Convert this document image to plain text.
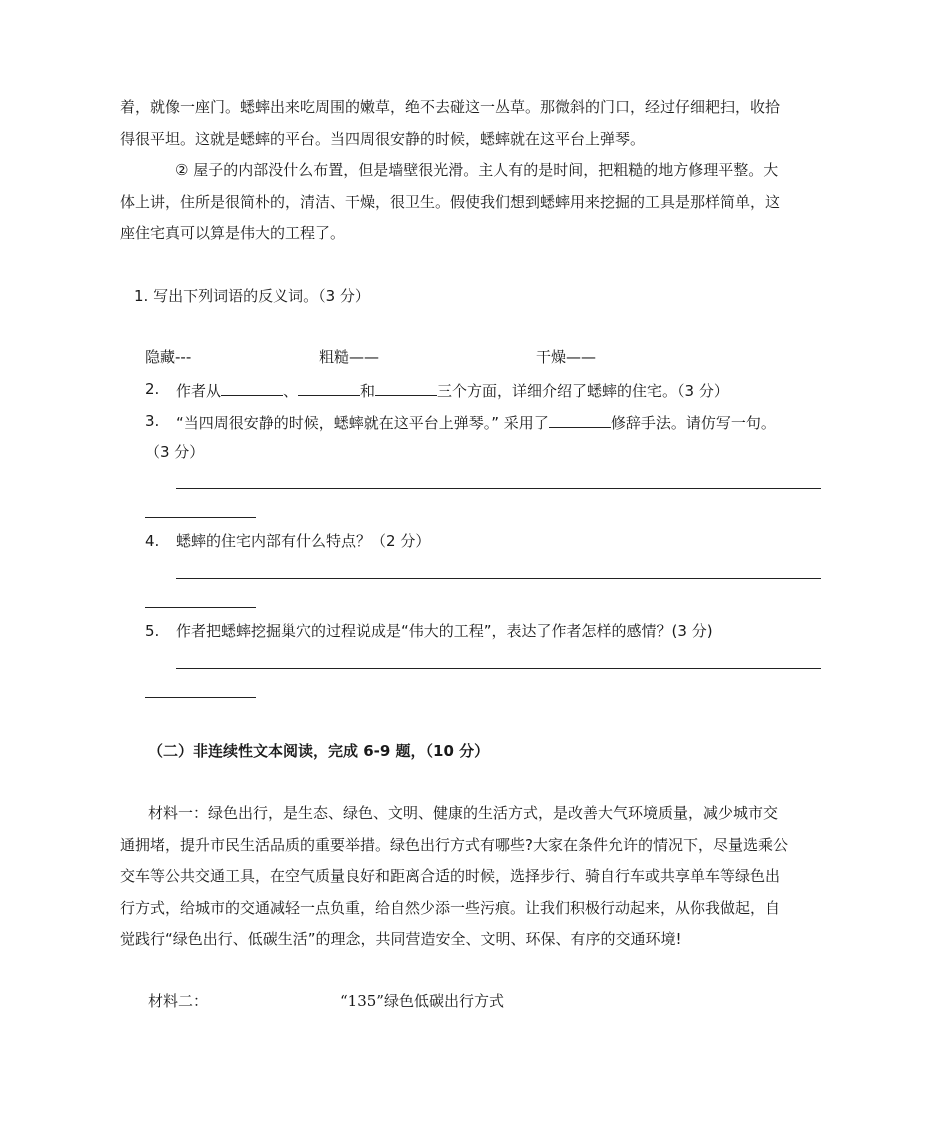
着，就像一座门。蟋蟀出来吃周围的嫩草，绝不去碰这一丛草。那微斜的门口，经过仔细耙扫，收拾
得很平坦。这就是蟋蟀的平台。当四周很安静的时候，蟋蟀就在这平台上弹琴。
② 屋子的内部没什么布置，但是墙壁很光滑。主人有的是时间，把粗糙的地方修理平整。大
体上讲，住所是很简朴的，清洁、干燥，很卫生。假使我们想到蟋蟀用来挖掘的工具是那样简单，这
座住宅真可以算是伟大的工程了。
1. 写出下列词语的反义词。（3 分）
隐藏---	粗糙——	干燥——
2. 作者从	、	和	三个方面，详细介绍了蟋蟀的住宅。（3 分）
3. “当四周很安静的时候，蟋蟀就在这平台上弹琴。” 采用了	修辞手法。请仿写一句。
（3 分）
4. 蟋蟀的住宅内部有什么特点？（2 分）
5. 作者把蟋蟀挖掘巢穴的过程说成是“伟大的工程”，表达了作者怎样的感情？(3 分)
（二）非连续性文本阅读，完成 6-9 题，（10 分）
材料一：绿色出行，是生态、绿色、文明、健康的生活方式，是改善大气环境质量，减少城市交
通拥堵，提升市民生活品质的重要举措。绿色出行方式有哪些?大家在条件允许的情况下，尽量选乘公
交车等公共交通工具，在空气质量良好和距离合适的时候，选择步行、骑自行车或共享单车等绿色出
行方式，给城市的交通减轻一点负重，给自然少添一些污痕。让我们积极行动起来，从你我做起，自
觉践行“绿色出行、低碳生活”的理念，共同营造安全、文明、环保、有序的交通环境!
材料二：	“135”绿色低碳出行方式
